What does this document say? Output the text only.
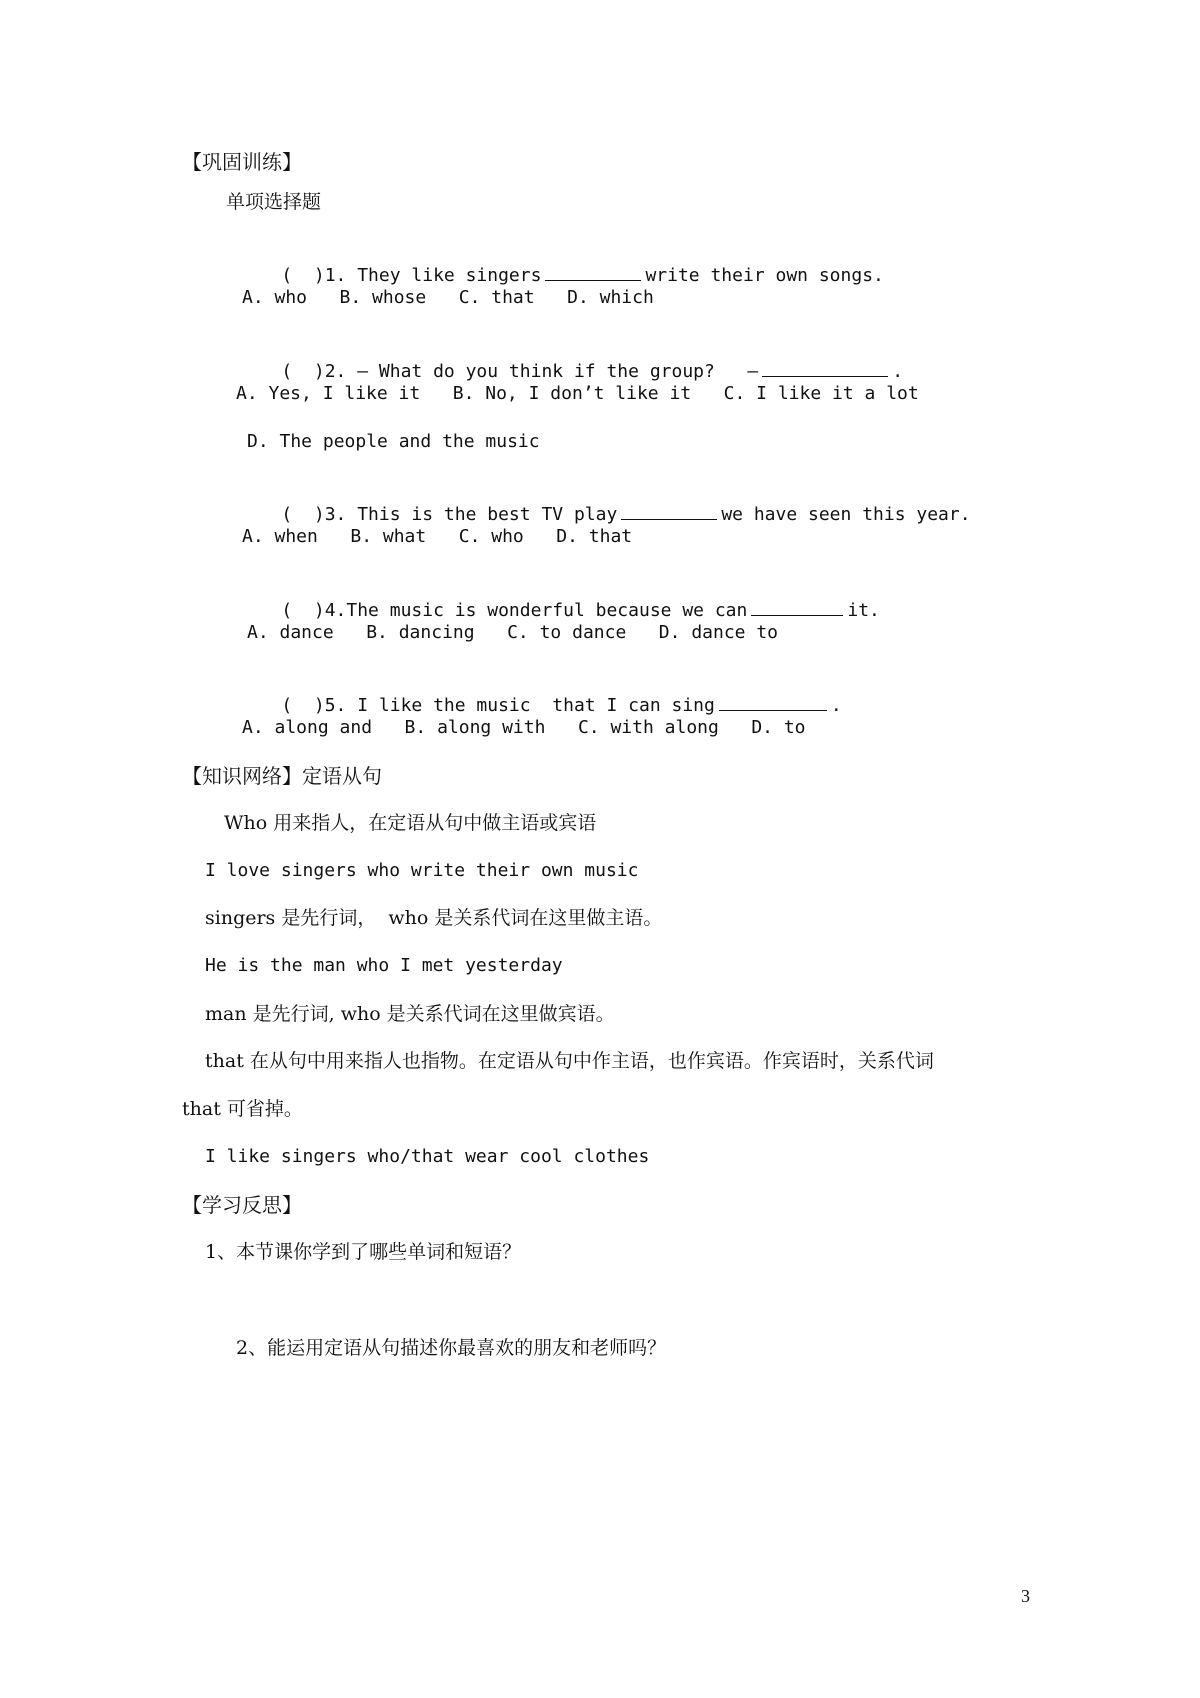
【巩固训练】
单项选择题

(  )1. They like singers	write their own songs.

A. who   B. whose   C. that   D. which

(  )2. — What do you think if the group?   —	.

A. Yes, I like it   B. No, I don’t like it   C. I like it a lot
D. The people and the music

(  )3. This is the best TV play	we have seen this year.

A. when   B. what   C. who   D. that

(  )4.The music is wonderful because we can	it.

A. dance   B. dancing   C. to dance   D. dance to

(  )5. I like the music  that I can sing	.

A. along and   B. along with   C. with along   D. to
【知识网络】定语从句
Who 用来指人，在定语从句中做主语或宾语
I love singers who write their own music
singers 是先行词，  who 是关系代词在这里做主语。
He is the man who I met yesterday
man 是先行词, who 是关系代词在这里做宾语。
that 在从句中用来指人也指物。在定语从句中作主语，也作宾语。作宾语时，关系代词
that 可省掉。
I like singers who/that wear cool clothes
【学习反思】
1、本节课你学到了哪些单词和短语？
2、能运用定语从句描述你最喜欢的朋友和老师吗？
3
